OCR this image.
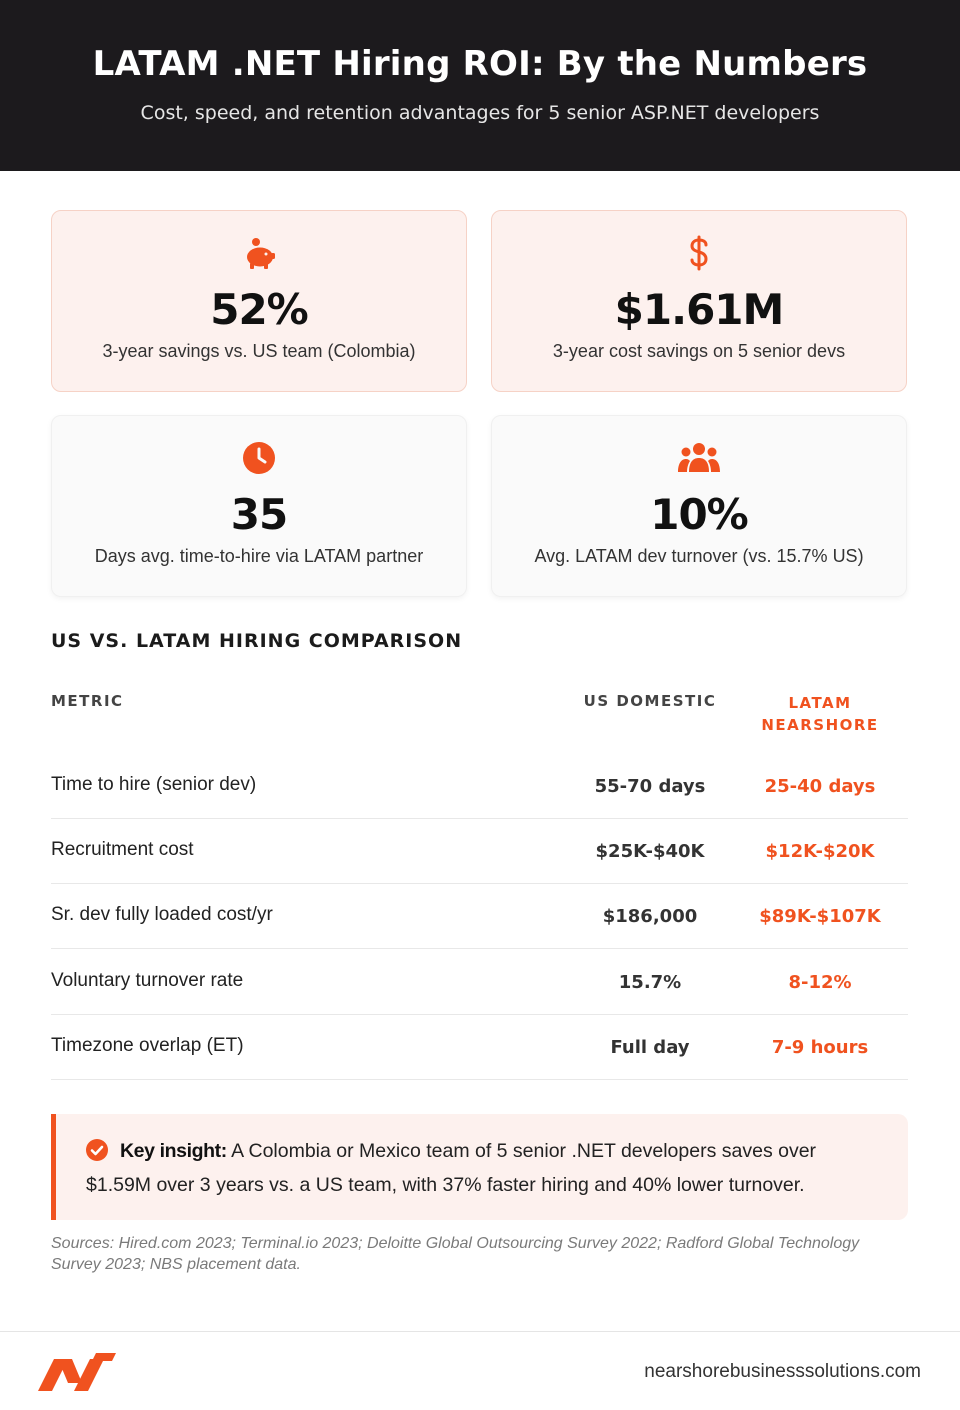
LATAM .NET Hiring ROI: By the Numbers

Cost, speed, and retention advantages for 5 senior ASP.NET developers

52%
3-year savings vs. US team (Colombia)
$1.61M
3-year cost savings on 5 senior devs
35
Days avg. time-to-hire via LATAM partner
10%
Avg. LATAM dev turnover (vs. 15.7% US)
US VS. LATAM HIRING COMPARISON
METRIC	US DOMESTIC	LATAM
NEARSHORE
Time to hire (senior dev)	55-70 days	25-40 days
Recruitment cost	$25K-$40K	$12K-$20K
Sr. dev fully loaded cost/yr	$186,000	$89K-$107K
Voluntary turnover rate	15.7%	8-12%
Timezone overlap (ET)	Full day	7-9 hours
Key insight: A Colombia or Mexico team of 5 senior .NET developers saves over $1.59M over 3 years vs. a US team, with 37% faster hiring and 40% lower turnover.
Sources: Hired.com 2023; Terminal.io 2023; Deloitte Global Outsourcing Survey 2022; Radford Global Technology Survey 2023; NBS placement data.
nearshorebusinesssolutions.com
